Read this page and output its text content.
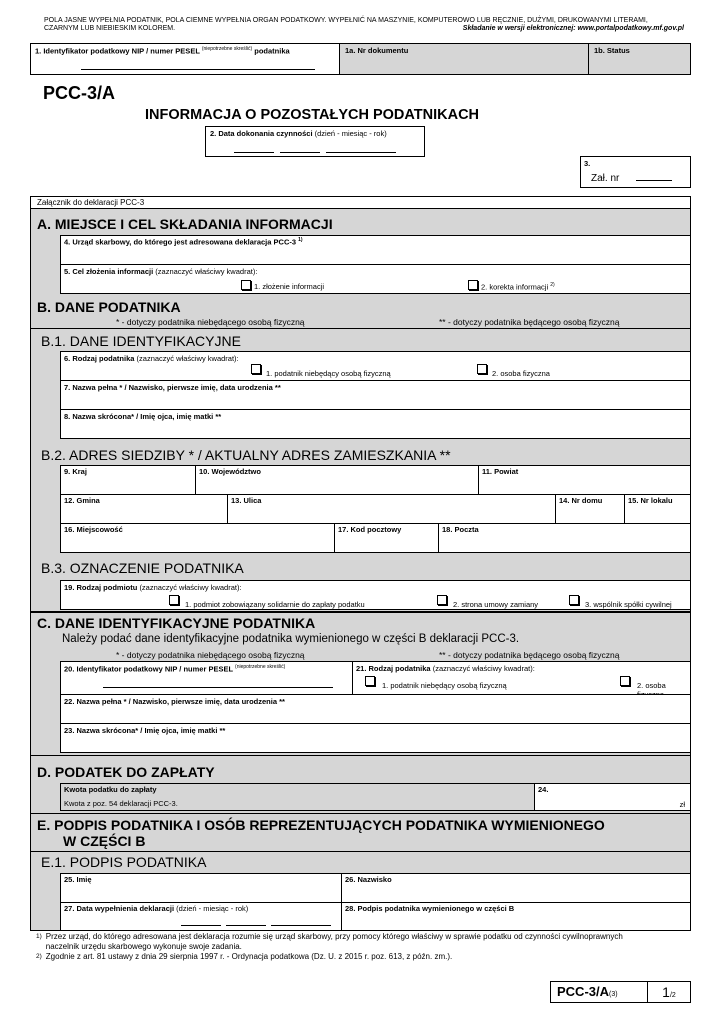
POLA JASNE WYPEŁNIA PODATNIK, POLA CIEMNE WYPEŁNIA ORGAN PODATKOWY. WYPEŁNIĆ NA MASZYNIE, KOMPUTEROWO LUB RĘCZNIE, DUŻYMI, DRUKOWANYMI LITERAMI,
CZARNYM LUB NIEBIESKIM KOLOREM.	Składanie w wersji elektronicznej: www.portalpodatkowy.mf.gov.pl
1. Identyfikator podatkowy NIP / numer PESEL $^{(niepotrzebne skreślić)}$ podatnika	1a. Nr dokumentu	1b. Status
PCC-3/A
INFORMACJA O POZOSTAŁYCH PODATNIKACH
2. Data dokonania czynności (dzień - miesiąc - rok)
3.
Zał. nr
Załącznik do deklaracji PCC-3
A. MIEJSCE I CEL SKŁADANIA INFORMACJI
4. Urząd skarbowy, do którego jest adresowana deklaracja PCC-3 $^{1)}$
5. Cel złożenia informacji (zaznaczyć właściwy kwadrat):
1. złożenie informacji	2. korekta informacji $^{2)}$
B. DANE PODATNIKA
* - dotyczy podatnika niebędącego osobą fizyczną	** - dotyczy podatnika będącego osobą fizyczną
B.1. DANE IDENTYFIKACYJNE
6. Rodzaj podatnika (zaznaczyć właściwy kwadrat):
1. podatnik niebędący osobą fizyczną	2. osoba fizyczna
7. Nazwa pełna * / Nazwisko, pierwsze imię, data urodzenia **
8. Nazwa skrócona* / Imię ojca, imię matki **
B.2. ADRES SIEDZIBY * / AKTUALNY ADRES ZAMIESZKANIA **
9. Kraj	10. Województwo	11. Powiat
12. Gmina	13. Ulica	14. Nr domu	15. Nr lokalu
16. Miejscowość	17. Kod pocztowy	18. Poczta
B.3. OZNACZENIE PODATNIKA
19. Rodzaj podmiotu (zaznaczyć właściwy kwadrat):
1. podmiot zobowiązany solidarnie do zapłaty podatku	2. strona umowy zamiany	3. wspólnik spółki cywilnej
C. DANE IDENTYFIKACYJNE PODATNIKA
Należy podać dane identyfikacyjne podatnika wymienionego w części B deklaracji PCC-3.
* - dotyczy podatnika niebędącego osobą fizyczną	** - dotyczy podatnika będącego osobą fizyczną
20. Identyfikator podatkowy NIP / numer PESEL $^{(niepotrzebne skreślić)}$	21. Rodzaj podatnika (zaznaczyć właściwy kwadrat):
1. podatnik niebędący osobą fizyczną	2. osoba
22. Nazwa pełna * / Nazwisko, pierwsze imię, data urodzenia **
23. Nazwa skrócona* / Imię ojca, imię matki **
D. PODATEK DO ZAPŁATY
Kwota podatku do zapłaty
Kwota z poz. 54 deklaracji PCC-3.
24.
zł
E. PODPIS PODATNIKA I OSÓB REPREZENTUJĄCYCH PODATNIKA WYMIENIONEGO
W CZĘŚCI B
E.1. PODPIS PODATNIKA
25. Imię	26. Nazwisko
27. Data wypełnienia deklaracji (dzień - miesiąc - rok)	28. Podpis podatnika wymienionego w części B
1) Przez urząd, do którego adresowana jest deklaracja rozumie się urząd skarbowy, przy pomocy którego właściwy w sprawie podatku od czynności cywilnoprawnych
naczelnik urzędu skarbowego wykonuje swoje zadania.
2) Zgodnie z art. 81 ustawy z dnia 29 sierpnia 1997 r. - Ordynacja podatkowa (Dz. U. z 2015 r. poz. 613, z późn. zm.).
PCC-3/A(3)	1/2
